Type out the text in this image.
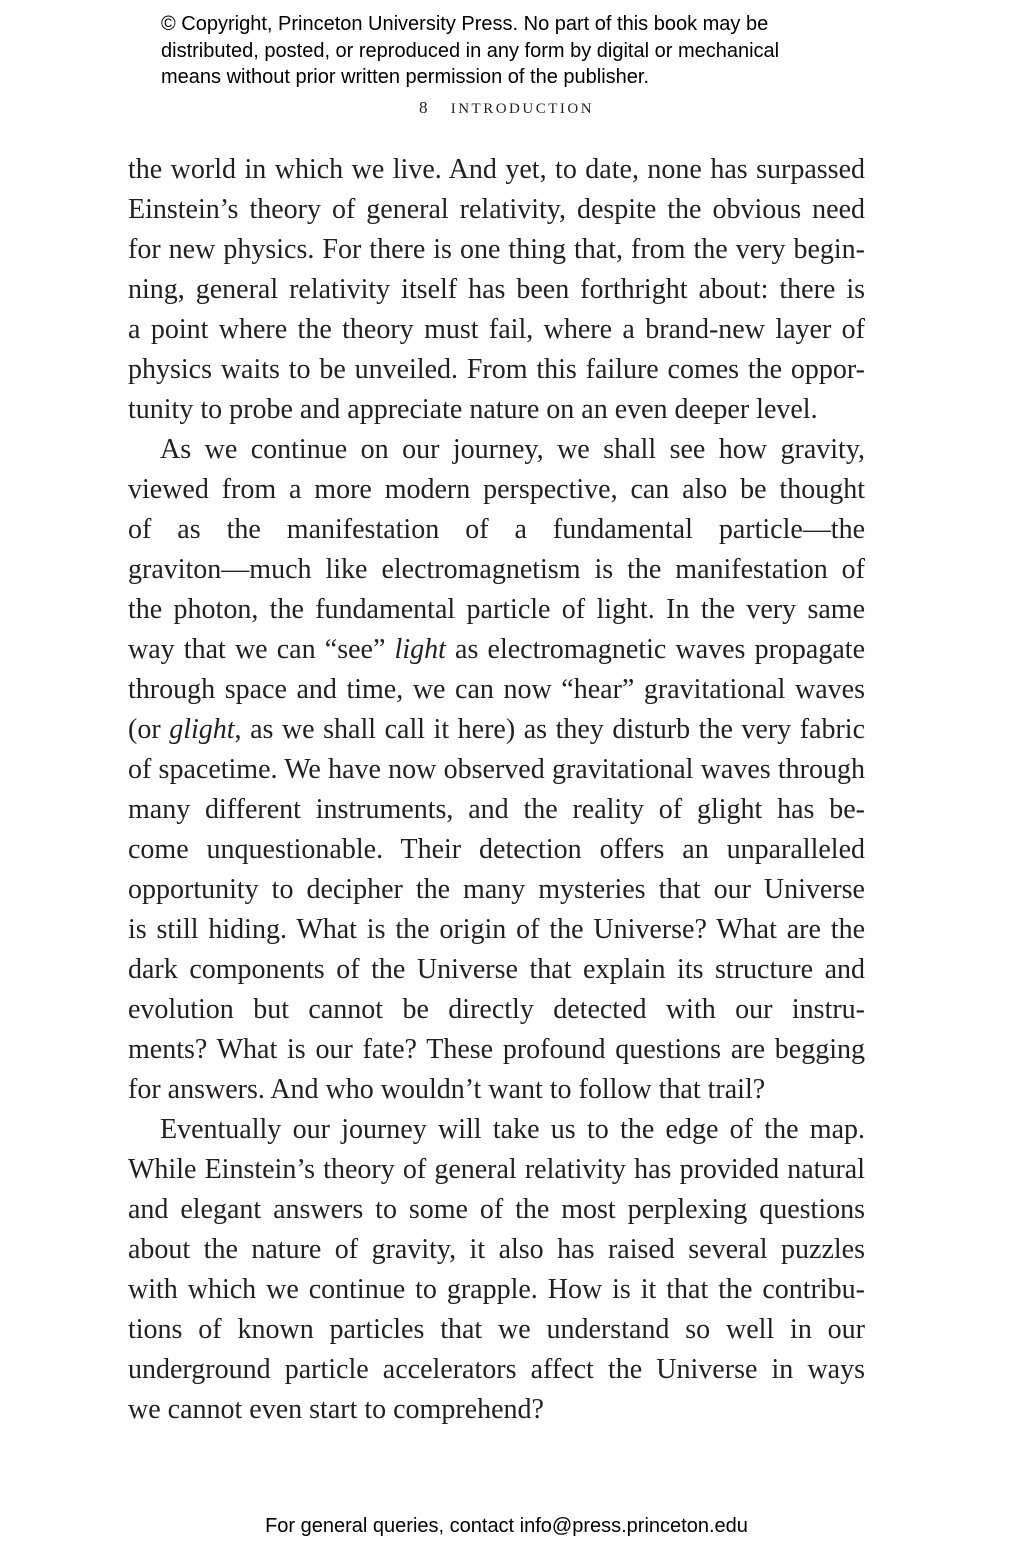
© Copyright, Princeton University Press. No part of this book may be
distributed, posted, or reproduced in any form by digital or mechanical
means without prior written permission of the publisher.
8 INTRODUCTION
the world in which we live. And yet, to date, none has surpassed
Einstein’s theory of general relativity, despite the obvious need
for new physics. For there is one thing that, from the very begin-
ning, general relativity itself has been forthright about: there is
a point where the theory must fail, where a brand-new layer of
physics waits to be unveiled. From this failure comes the oppor-
tunity to probe and appreciate nature on an even deeper level.
As we continue on our journey, we shall see how gravity,
viewed from a more modern perspective, can also be thought
of as the manifestation of a fundamental particle—the
graviton—much like electromagnetism is the manifestation of
the photon, the fundamental particle of light. In the very same
way that we can “see” light as electromagnetic waves propagate
through space and time, we can now “hear” gravitational waves
(or glight, as we shall call it here) as they disturb the very fabric
of spacetime. We have now observed gravitational waves through
many different instruments, and the reality of glight has be-
come unquestionable. Their detection offers an unparalleled
opportunity to decipher the many mysteries that our Universe
is still hiding. What is the origin of the Universe? What are the
dark components of the Universe that explain its structure and
evolution but cannot be directly detected with our instru-
ments? What is our fate? These profound questions are begging
for answers. And who wouldn’t want to follow that trail?
Eventually our journey will take us to the edge of the map.
While Einstein’s theory of general relativity has provided natural
and elegant answers to some of the most perplexing questions
about the nature of gravity, it also has raised several puzzles
with which we continue to grapple. How is it that the contribu-
tions of known particles that we understand so well in our
underground particle accelerators affect the Universe in ways
we cannot even start to comprehend?
For general queries, contact info@press.princeton.edu
